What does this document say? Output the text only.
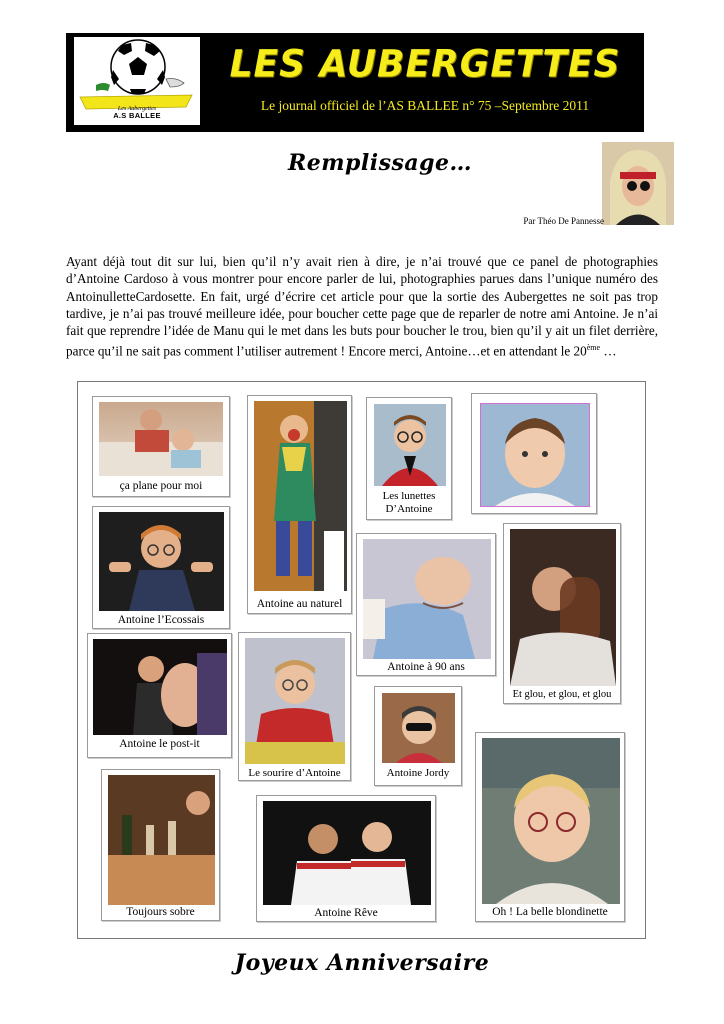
Les Aubergettes
A.S BALLEE
LES AUBERGETTES
Le journal officiel de l’AS BALLEE n° 75 –Septembre 2011
Remplissage…
Par Théo De Pannesse
Ayant déjà tout dit sur lui, bien qu’il n’y avait rien à dire, je n’ai trouvé que ce panel de photographies d’Antoine Cardoso à vous montrer pour encore parler de lui, photographies parues dans l’unique numéro des AntoinulletteCardosette. En fait, urgé d’écrire cet article pour que la sortie des Aubergettes ne soit pas trop tardive, je n’ai pas trouvé meilleure idée, pour boucher cette page que de reparler de notre ami Antoine. Je n’ai fait que reprendre l’idée de Manu qui le met dans les buts pour boucher le trou, bien qu’il y ait un filet derrière, parce qu’il ne sait pas comment l’utiliser autrement ! Encore merci, Antoine…et en attendant le 20ème …
ça plane pour moi
Antoine au naturel
Les lunettes D’Antoine
Antoine l’Ecossais
Antoine à 90 ans
Et glou, et glou, et glou
Antoine le post-it
Le sourire d’Antoine	Antoine Jordy
Toujours sobre	Antoine Rêve	Oh ! La belle blondinette
Joyeux Anniversaire
